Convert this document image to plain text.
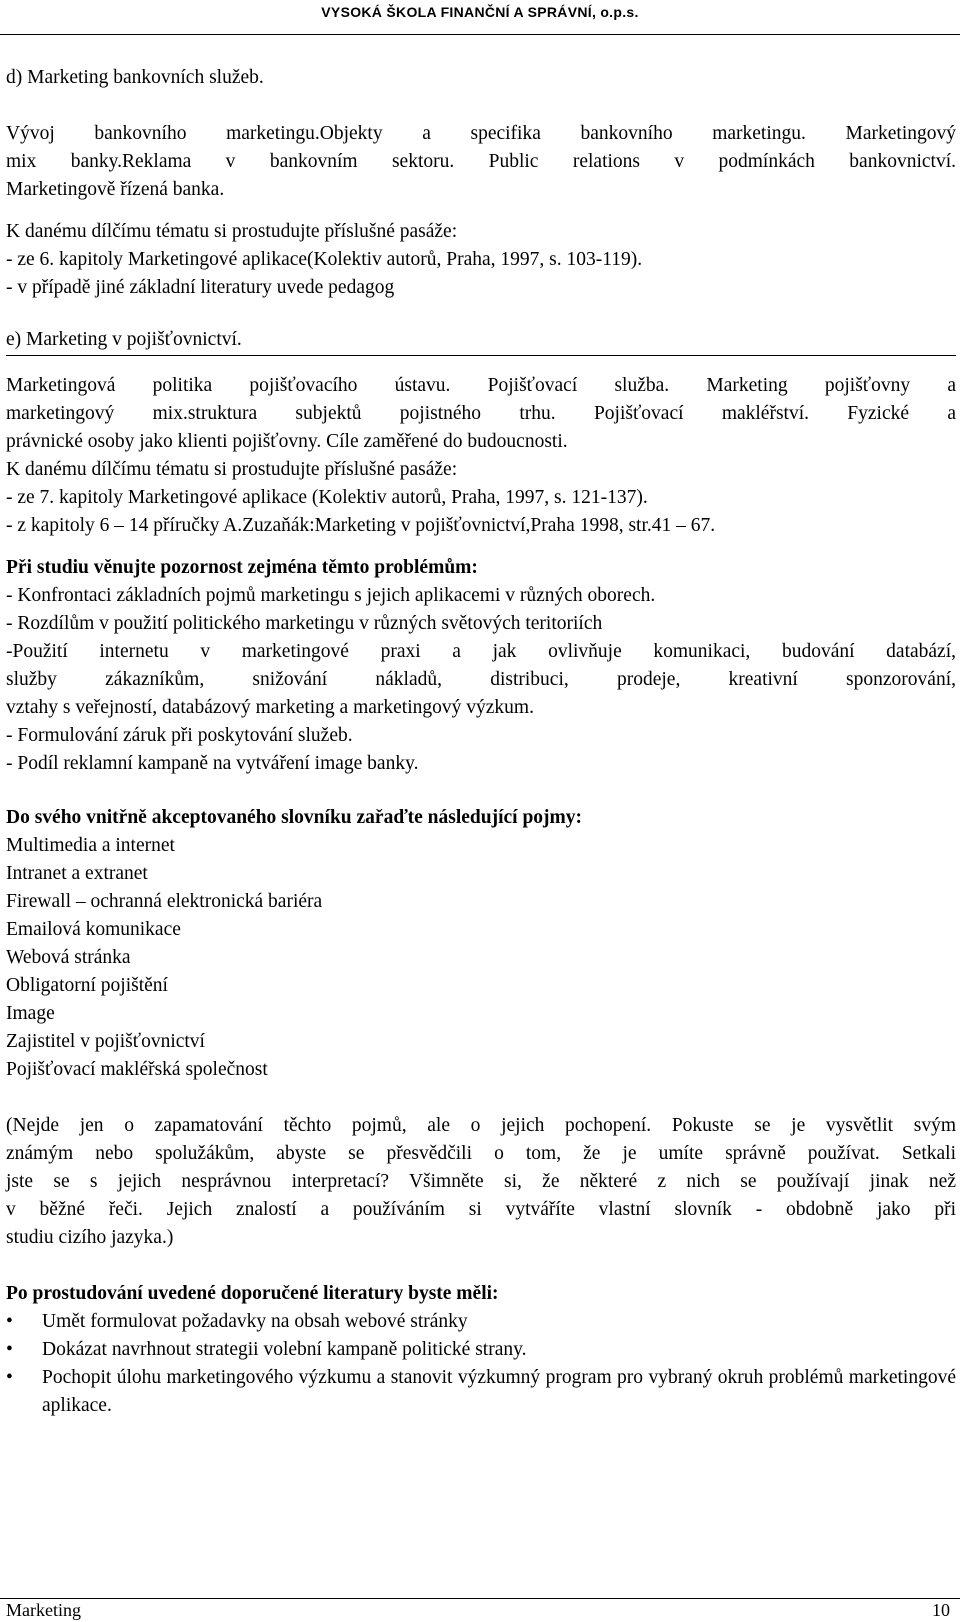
VYSOKÁ ŠKOLA FINANČNÍ A SPRÁVNÍ, o.p.s.

d) Marketing bankovních služeb.

Vývoj bankovního marketingu.Objekty a specifika bankovního marketingu. Marketingový

mix banky.Reklama v bankovním sektoru. Public relations v podmínkách bankovnictví.

Marketingově řízená banka.

K danému dílčímu tématu si prostudujte příslušné pasáže:

- ze 6. kapitoly Marketingové aplikace(Kolektiv autorů, Praha, 1997, s. 103-119).

- v případě jiné základní literatury uvede pedagog

e) Marketing v pojišťovnictví.

Marketingová politika pojišťovacího ústavu. Pojišťovací služba. Marketing pojišťovny a

marketingový mix.struktura subjektů pojistného trhu. Pojišťovací makléřství. Fyzické a

právnické osoby jako klienti pojišťovny. Cíle zaměřené do budoucnosti.

K danému dílčímu tématu si prostudujte příslušné pasáže:

- ze 7. kapitoly Marketingové aplikace (Kolektiv autorů, Praha, 1997, s. 121-137).

- z kapitoly 6 – 14 příručky A.Zuzaňák:Marketing v pojišťovnictví,Praha 1998, str.41 – 67.

Při studiu věnujte pozornost zejména těmto problémům:

- Konfrontaci základních pojmů marketingu s jejich aplikacemi v různých oborech.

- Rozdílům v použití politického marketingu v různých světových teritoriích

-Použití internetu v marketingové praxi a jak ovlivňuje komunikaci, budování databází,

služby zákazníkům, snižování nákladů, distribuci, prodeje, kreativní sponzorování,

vztahy s veřejností, databázový marketing a marketingový výzkum.

- Formulování záruk při poskytování služeb.

- Podíl reklamní kampaně na vytváření image banky.

Do svého vnitřně akceptovaného slovníku zařaďte následující pojmy:

Multimedia a internet

Intranet a extranet

Firewall – ochranná elektronická bariéra

Emailová komunikace

Webová stránka

Obligatorní pojištění

Image

Zajistitel v pojišťovnictví

Pojišťovací makléřská společnost

(Nejde jen o zapamatování těchto pojmů, ale o jejich pochopení. Pokuste se je vysvětlit svým

známým nebo spolužákům, abyste se přesvědčili o tom, že je umíte správně používat. Setkali

jste se s jejich nesprávnou interpretací? Všimněte si, že některé z nich se používají jinak než

v běžné řeči. Jejich znalostí a používáním si vytváříte vlastní slovník - obdobně jako při

studiu cizího jazyka.)

Po prostudování uvedené doporučené literatury byste měli:

• Umět formulovat požadavky na obsah webové stránky
• Dokázat navrhnout strategii volební kampaně politické strany.
• Pochopit úlohu marketingového výzkumu a stanovit výzkumný program pro vybraný okruh problémů marketingové aplikace.
Marketing	10
